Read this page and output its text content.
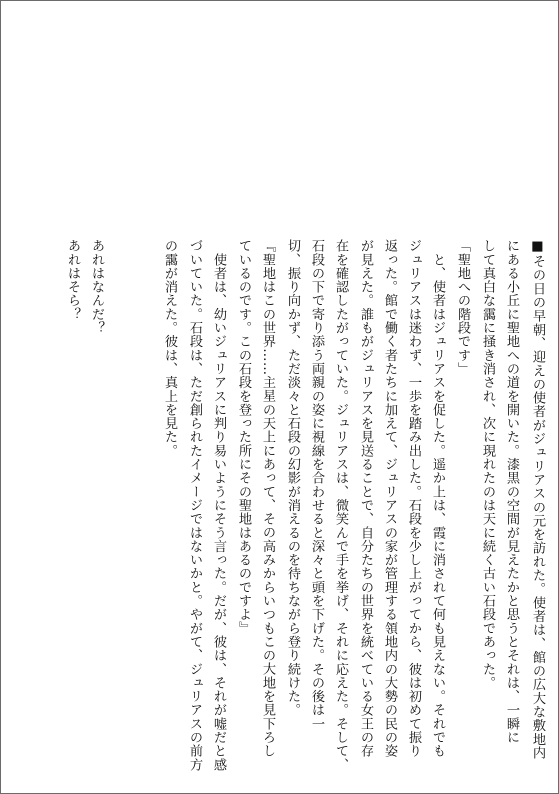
■その日の早朝、迎えの使者がジュリアスの元を訪れた。使者は、館の広大な敷地内
にある小丘に聖地への道を開いた。漆黒の空間が見えたかと思うとそれは、一瞬に
して真白な靄に掻き消され、次に現れたのは天に続く古い石段であった。
「聖地への階段です」
　と、使者はジュリアスを促した。遥か上は、霞に消されて何も見えない。それでも
ジュリアスは迷わず、一歩を踏み出した。石段を少し上がってから、彼は初めて振り
返った。館で働く者たちに加えて、ジュリアスの家が管理する領地内の大勢の民の姿
が見えた。誰もがジュリアスを見送ることで、自分たちの世界を統べている女王の存
在を確認したがっていた。ジュリアスは、微笑んで手を挙げ、それに応えた。そして、
石段の下で寄り添う両親の姿に視線を合わせると深々と頭を下げた。その後は一
切、振り向かず、ただ淡々と石段の幻影が消えるのを待ちながら登り続けた。
『聖地はこの世界……主星の天上にあって、その高みからいつもこの大地を見下ろし
ているのです。この石段を登った所にその聖地はあるのですよ』
　使者は、幼いジュリアスに判り易いようにそう言った。だが、彼は、それが嘘だと感
づいていた。石段は、ただ創られたイメージではないかと。やがて、ジュリアスの前方
の靄が消えた。彼は、真上を見た。
あれはなんだ？
あれはそら？
